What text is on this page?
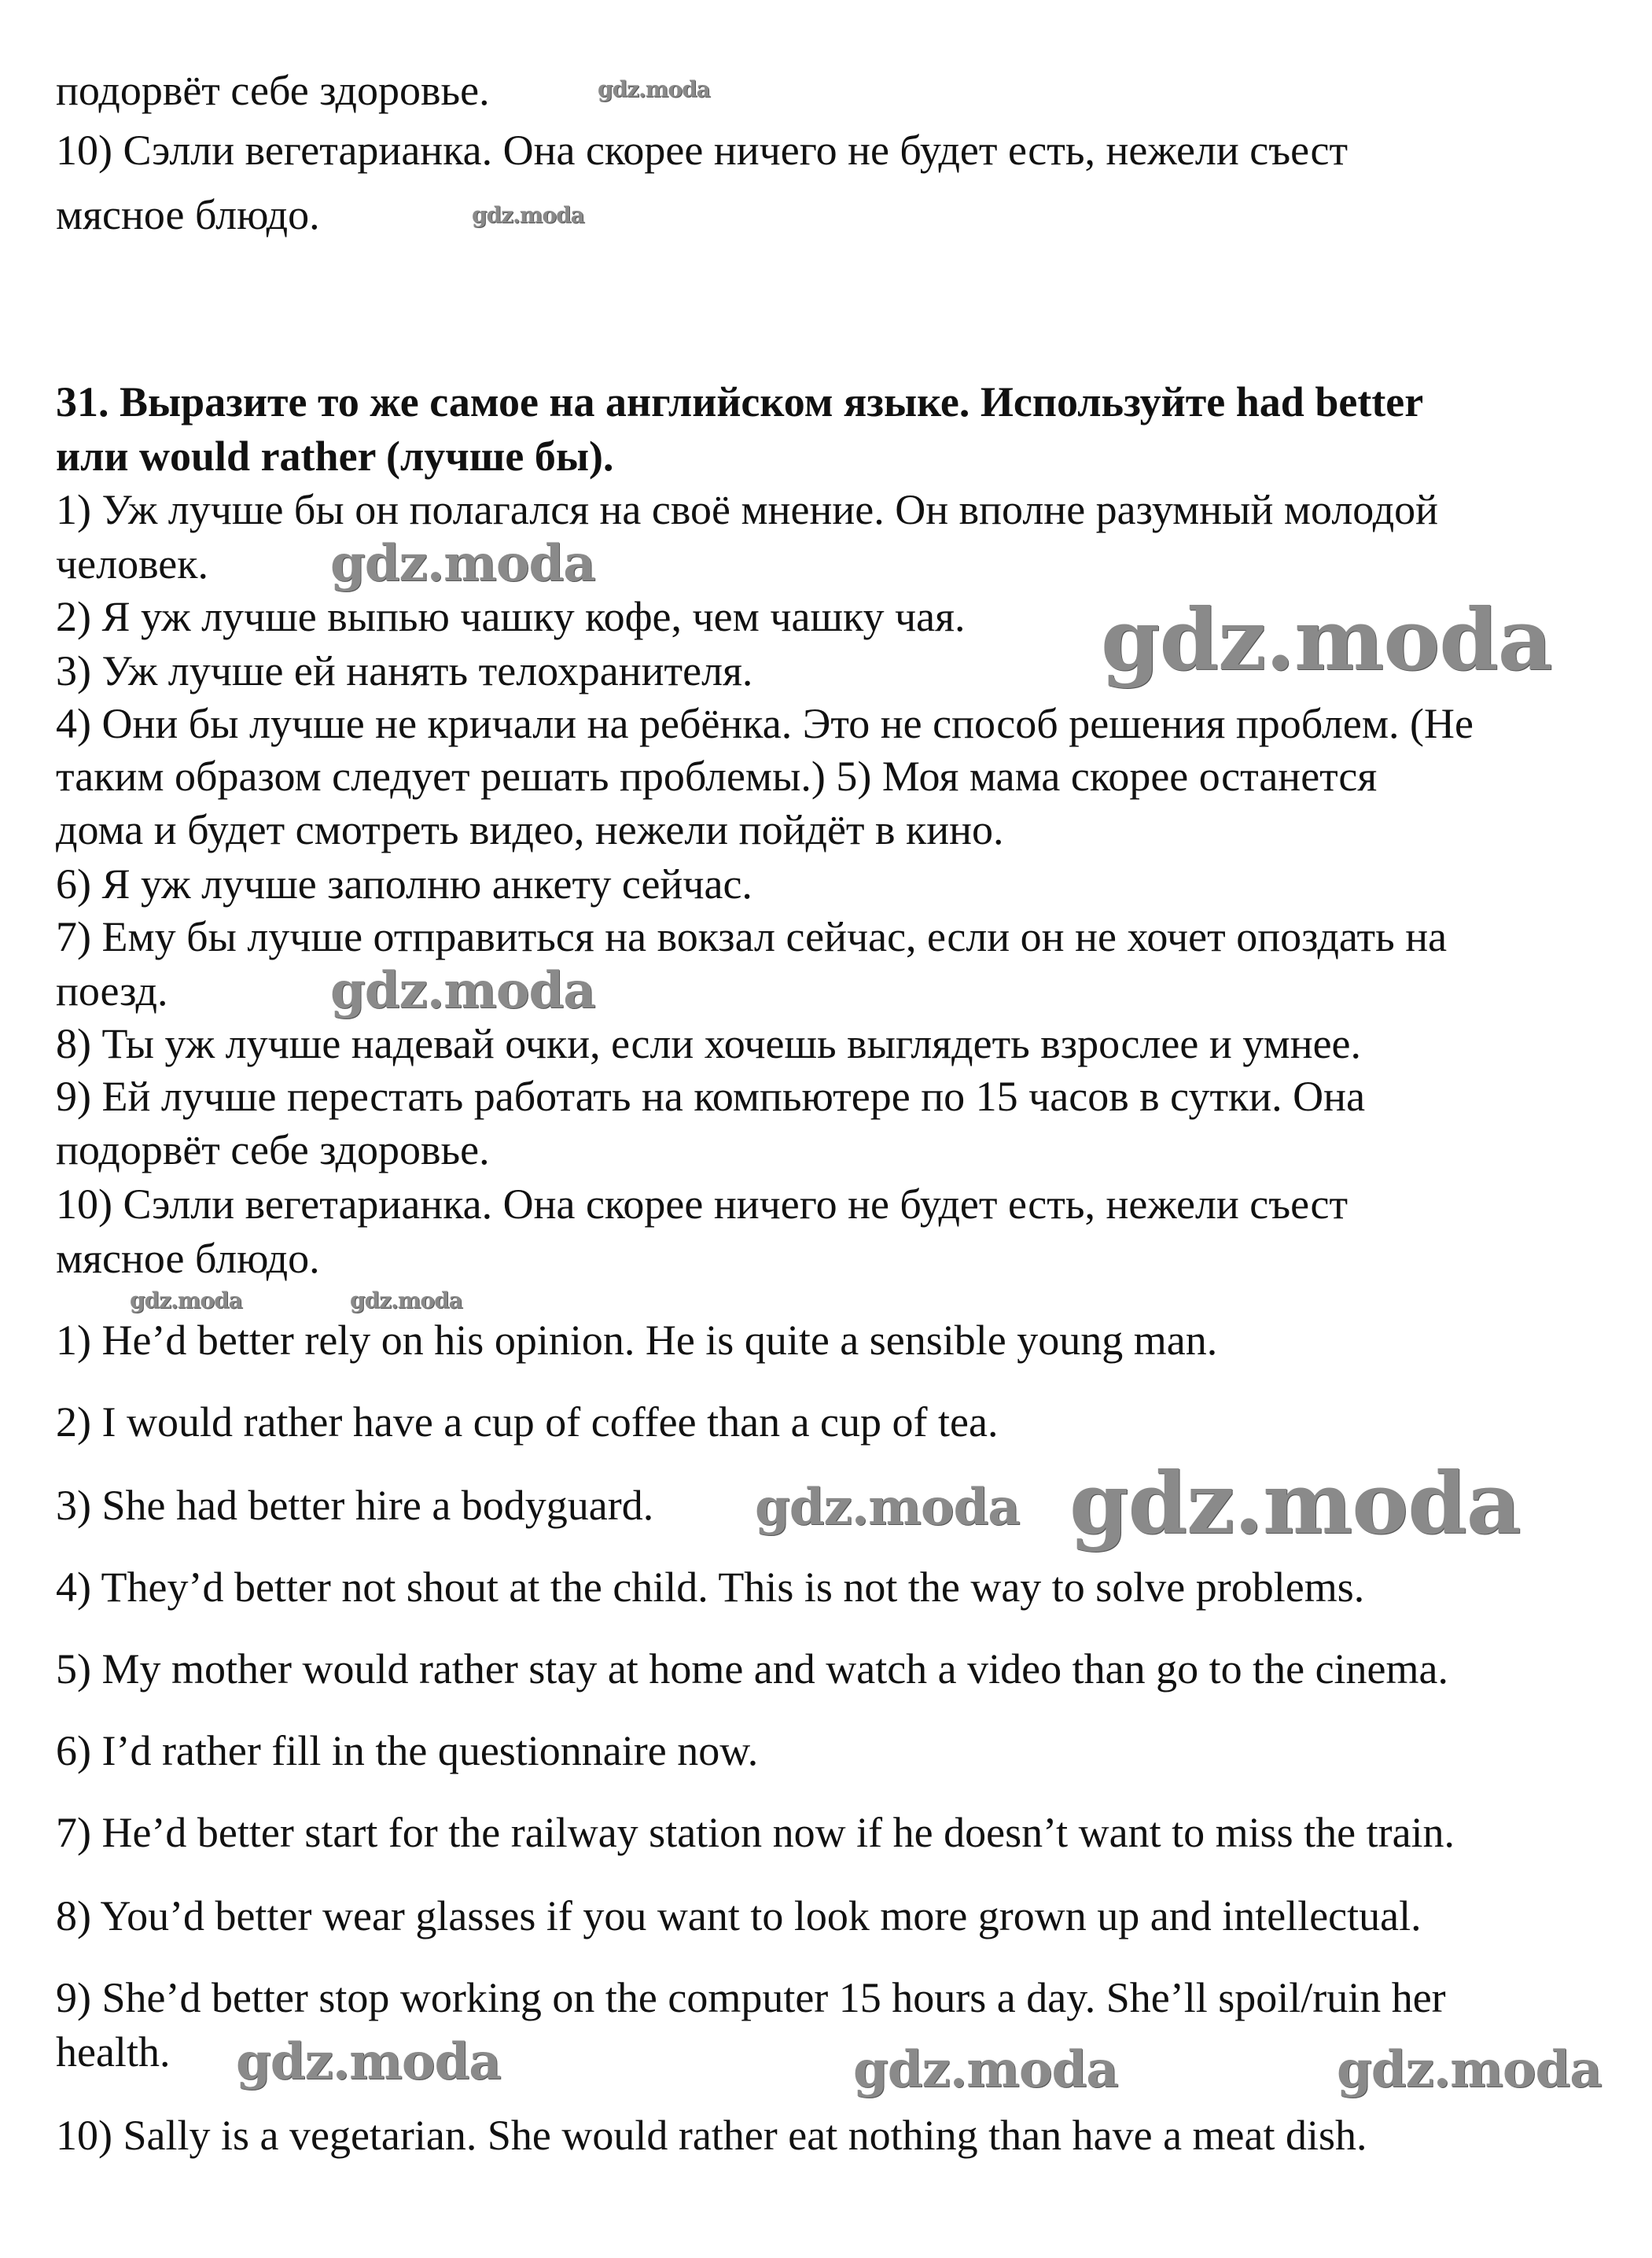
подорвёт себе здоровье.
10) Сэлли вегетарианка. Она скорее ничего не будет есть, нежели съест
мясное блюдо.
31. Выразите то же самое на английском языке. Используйте had better
или would rather (лучше бы).
1) Уж лучше бы он полагался на своё мнение. Он вполне разумный молодой
человек.
2) Я уж лучше выпью чашку кофе, чем чашку чая.
3) Уж лучше ей нанять телохранителя.
4) Они бы лучше не кричали на ребёнка. Это не способ решения проблем. (Не
таким образом следует решать проблемы.) 5) Моя мама скорее останется
дома и будет смотреть видео, нежели пойдёт в кино.
6) Я уж лучше заполню анкету сейчас.
7) Ему бы лучше отправиться на вокзал сейчас, если он не хочет опоздать на
поезд.
8) Ты уж лучше надевай очки, если хочешь выглядеть взрослее и умнее.
9) Ей лучше перестать работать на компьютере по 15 часов в сутки. Она
подорвёт себе здоровье.
10) Сэлли вегетарианка. Она скорее ничего не будет есть, нежели съест
мясное блюдо.
1) He’d better rely on his opinion. He is quite a sensible young man.
2) I would rather have a cup of coffee than a cup of tea.
3) She had better hire a bodyguard.
4) They’d better not shout at the child. This is not the way to solve problems.
5) My mother would rather stay at home and watch a video than go to the cinema.
6) I’d rather fill in the questionnaire now.
7) He’d better start for the railway station now if he doesn’t want to miss the train.
8) You’d better wear glasses if you want to look more grown up and intellectual.
9) She’d better stop working on the computer 15 hours a day. She’ll spoil/ruin her
health.
10) Sally is a vegetarian. She would rather eat nothing than have a meat dish.
gdz.moda
gdz.moda
gdz.moda
gdz.moda
gdz.moda
gdz.moda	gdz.moda
gdz.moda
gdz.moda
gdz.moda	gdz.moda	gdz.moda
